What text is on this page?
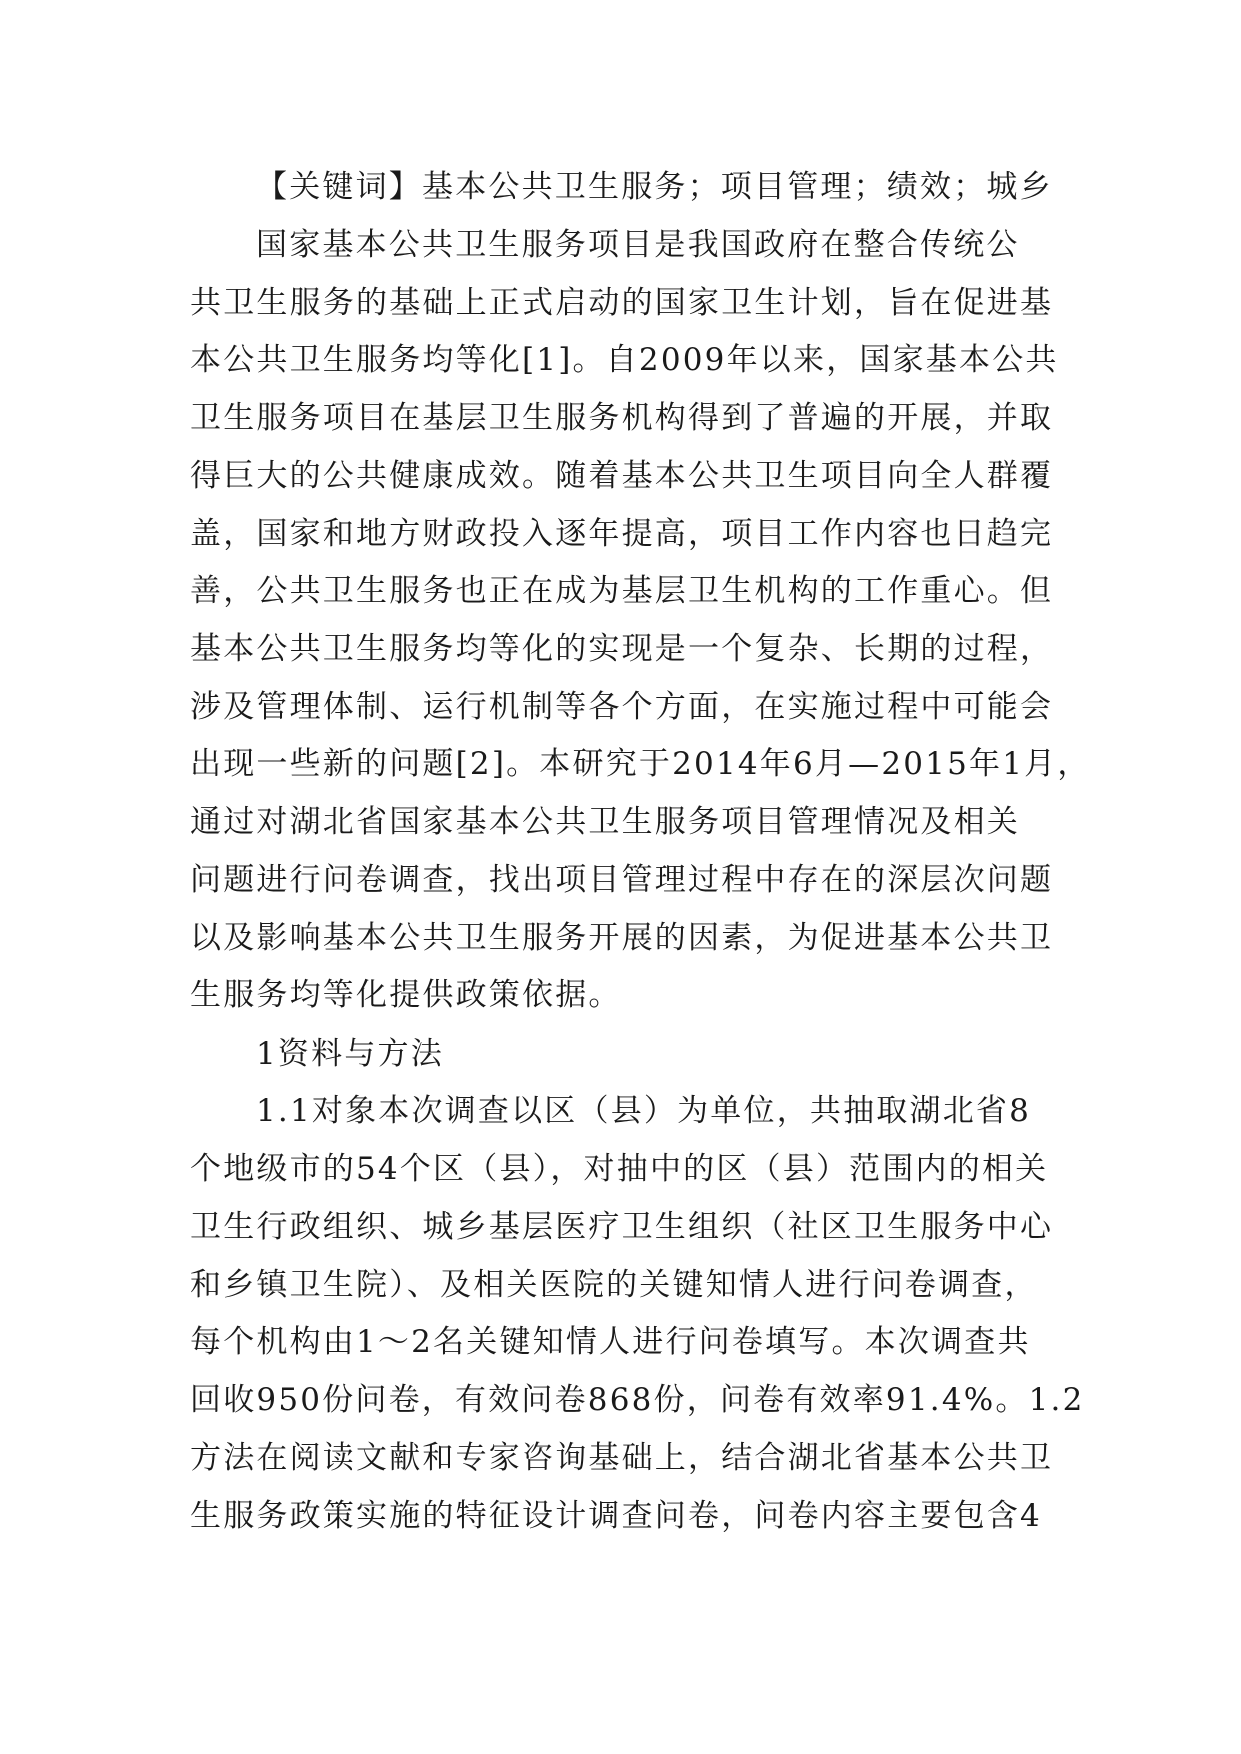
【关键词】基本公共卫生服务；项目管理；绩效；城乡
国家基本公共卫生服务项目是我国政府在整合传统公
共卫生服务的基础上正式启动的国家卫生计划，旨在促进基
本公共卫生服务均等化[1]。自2009年以来，国家基本公共
卫生服务项目在基层卫生服务机构得到了普遍的开展，并取
得巨大的公共健康成效。随着基本公共卫生项目向全人群覆
盖，国家和地方财政投入逐年提高，项目工作内容也日趋完
善，公共卫生服务也正在成为基层卫生机构的工作重心。但
基本公共卫生服务均等化的实现是一个复杂、长期的过程，
涉及管理体制、运行机制等各个方面，在实施过程中可能会
出现一些新的问题[2]。本研究于2014年6月—2015年1月，
通过对湖北省国家基本公共卫生服务项目管理情况及相关
问题进行问卷调查，找出项目管理过程中存在的深层次问题
以及影响基本公共卫生服务开展的因素，为促进基本公共卫
生服务均等化提供政策依据。
1资料与方法
1.1对象本次调查以区（县）为单位，共抽取湖北省8
个地级市的54个区（县），对抽中的区（县）范围内的相关
卫生行政组织、城乡基层医疗卫生组织（社区卫生服务中心
和乡镇卫生院）、及相关医院的关键知情人进行问卷调查，
每个机构由1～2名关键知情人进行问卷填写。本次调查共
回收950份问卷，有效问卷868份，问卷有效率91.4%。1.2
方法在阅读文献和专家咨询基础上，结合湖北省基本公共卫
生服务政策实施的特征设计调查问卷，问卷内容主要包含4
